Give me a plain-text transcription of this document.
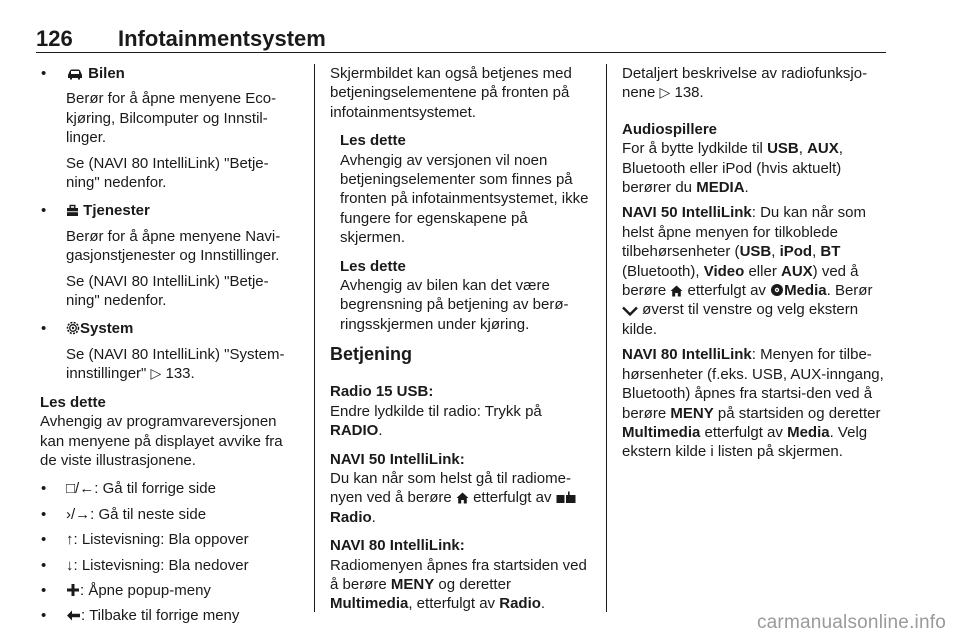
126 Infotainmentsystem
•	Bilen

Berør for å åpne menyene Eco-kjøring, Bilcomputer og Innstil-linger.

Se (NAVI 80 IntelliLink) "Betje-ning" nedenfor.

•	Tjenester

Berør for å åpne menyene Navi-gasjonstjenester og Innstillinger.

Se (NAVI 80 IntelliLink) "Betje-ning" nedenfor.

•	System

Se (NAVI 80 IntelliLink) "System-innstillinger" ▷ 133.

Les dette

Avhengig av programvareversjonen kan menyene på displayet avvike fra de viste illustrasjonene.

• □/←: Gå til forrige side

• ›/→: Gå til neste side

• ↑: Listevisning: Bla oppover

• ↓: Listevisning: Bla nedover

•	: Åpne popup-meny

•	: Tilbake til forrige meny

Skjermbildet kan også betjenes med betjeningselementene på fronten på infotainmentsystemet.

Les dette

Avhengig av versjonen vil noen betjeningselementer som finnes på fronten på infotainmentsystemet, ikke fungere for egenskapene på skjermen.

Les dette

Avhengig av bilen kan det være begrensning på betjening av berø-ringsskjermen under kjøring.

Betjening

Radio 15 USB:

Endre lydkilde til radio: Trykk på RADIO.

NAVI 50 IntelliLink:

Du kan når som helst gå til radiome-nyen ved å berøre etterfulgt av Radio.

NAVI 80 IntelliLink:

Radiomenyen åpnes fra startsiden ved å berøre MENY og deretter Multimedia, etterfulgt av Radio.

Detaljert beskrivelse av radiofunksjo-nene ▷ 138.

Audiospillere

For å bytte lydkilde til USB, AUX, Bluetooth eller iPod (hvis aktuelt) berører du MEDIA.

NAVI 50 IntelliLink: Du kan når som helst åpne menyen for tilkoblede tilbehørsenheter (USB, iPod, BT (Bluetooth), Video eller AUX) ved å berøre etterfulgt av Media. Berør
øverst til venstre og velg ekstern kilde.

NAVI 80 IntelliLink: Menyen for tilbe-hørsenheter (f.eks. USB, AUX-inngang, Bluetooth) åpnes fra startsi-den ved å berøre MENY på startsiden og deretter Multimedia etterfulgt av Media. Velg ekstern kilde i listen på skjermen.

carmanualsonline.info
